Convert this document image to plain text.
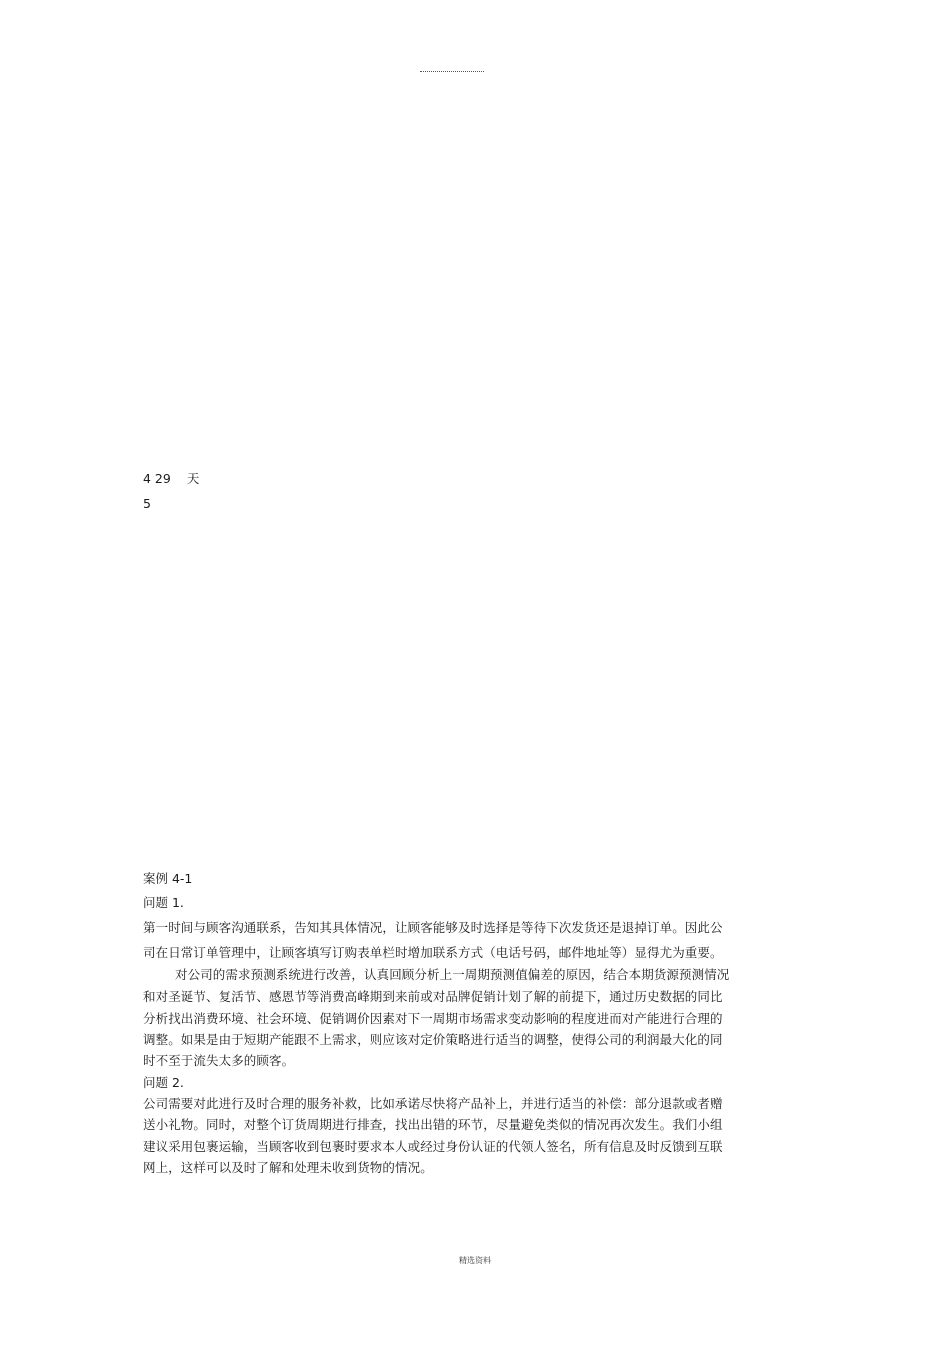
4 29 天
5
案例 4-1
问题 1.
第一时间与顾客沟通联系，告知其具体情况，让顾客能够及时选择是等待下次发货还是退掉订单。因此公
司在日常订单管理中，让顾客填写订购表单栏时增加联系方式（电话号码，邮件地址等）显得尤为重要。
对公司的需求预测系统进行改善，认真回顾分析上一周期预测值偏差的原因，结合本期货源预测情况
和对圣诞节、复活节、感恩节等消费高峰期到来前或对品牌促销计划了解的前提下，通过历史数据的同比
分析找出消费环境、社会环境、促销调价因素对下一周期市场需求变动影响的程度进而对产能进行合理的
调整。如果是由于短期产能跟不上需求，则应该对定价策略进行适当的调整，使得公司的利润最大化的同
时不至于流失太多的顾客。
问题 2.
公司需要对此进行及时合理的服务补救，比如承诺尽快将产品补上，并进行适当的补偿：部分退款或者赠
送小礼物。同时，对整个订货周期进行排查，找出出错的环节，尽量避免类似的情况再次发生。我们小组
建议采用包裹运输，当顾客收到包裹时要求本人或经过身份认证的代领人签名，所有信息及时反馈到互联
网上，这样可以及时了解和处理未收到货物的情况。
精选资料
